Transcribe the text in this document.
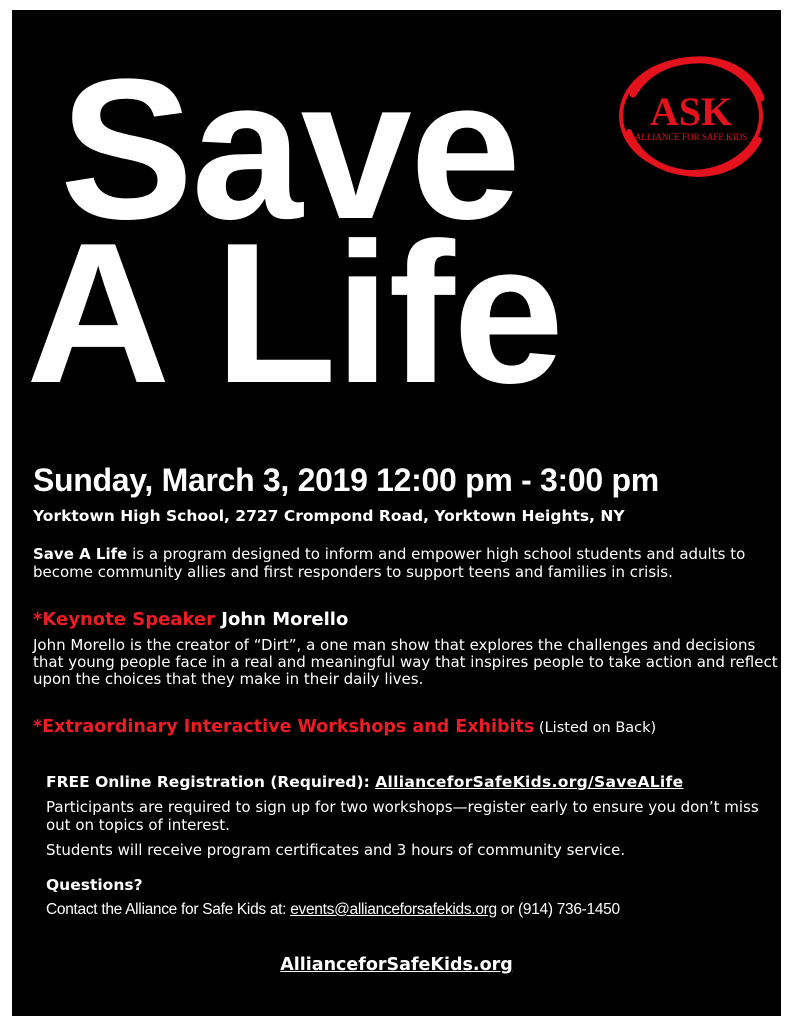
Save
A Life
ASK
ALLIANCE FOR SAFE KIDS
Sunday, March 3, 2019 12:00 pm - 3:00 pm
Yorktown High School, 2727 Crompond Road, Yorktown Heights, NY

Save A Life is a program designed to inform and empower high school students and adults to become community allies and first responders to support teens and families in crisis.

*Keynote Speaker John Morello

John Morello is the creator of “Dirt”, a one man show that explores the challenges and decisions that young people face in a real and meaningful way that inspires people to take action and reflect upon the choices that they make in their daily lives.

*Extraordinary Interactive Workshops and Exhibits (Listed on Back)
FREE Online Registration (Required): AllianceforSafeKids.org/SaveALife

Participants are required to sign up for two workshops—register early to ensure you don’t miss out on topics of interest.

Students will receive program certificates and 3 hours of community service.
Questions?
Contact the Alliance for Safe Kids at: events@allianceforsafekids.org or (914) 736-1450
AllianceforSafeKids.org
